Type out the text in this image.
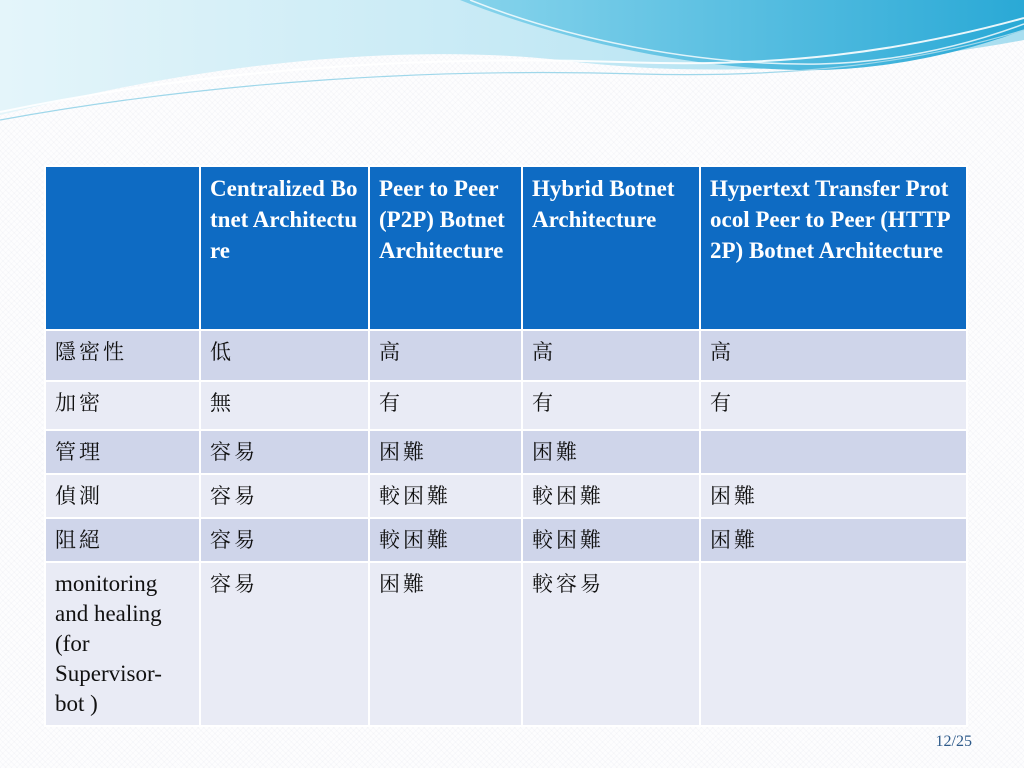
	Centralized Botnet Architecture	Peer to Peer (P2P) Botnet Architecture	Hybrid Botnet Architecture	Hypertext Transfer Protocol Peer to Peer (HTTP2P) Botnet Architecture
隱密性	低	高	高	高
加密	無	有	有	有
管理	容易	困難	困難	
偵測	容易	較困難	較困難	困難
阻絕	容易	較困難	較困難	困難
monitoring and healing (for Supervisor-bot )	容易	困難	較容易	
12/25
